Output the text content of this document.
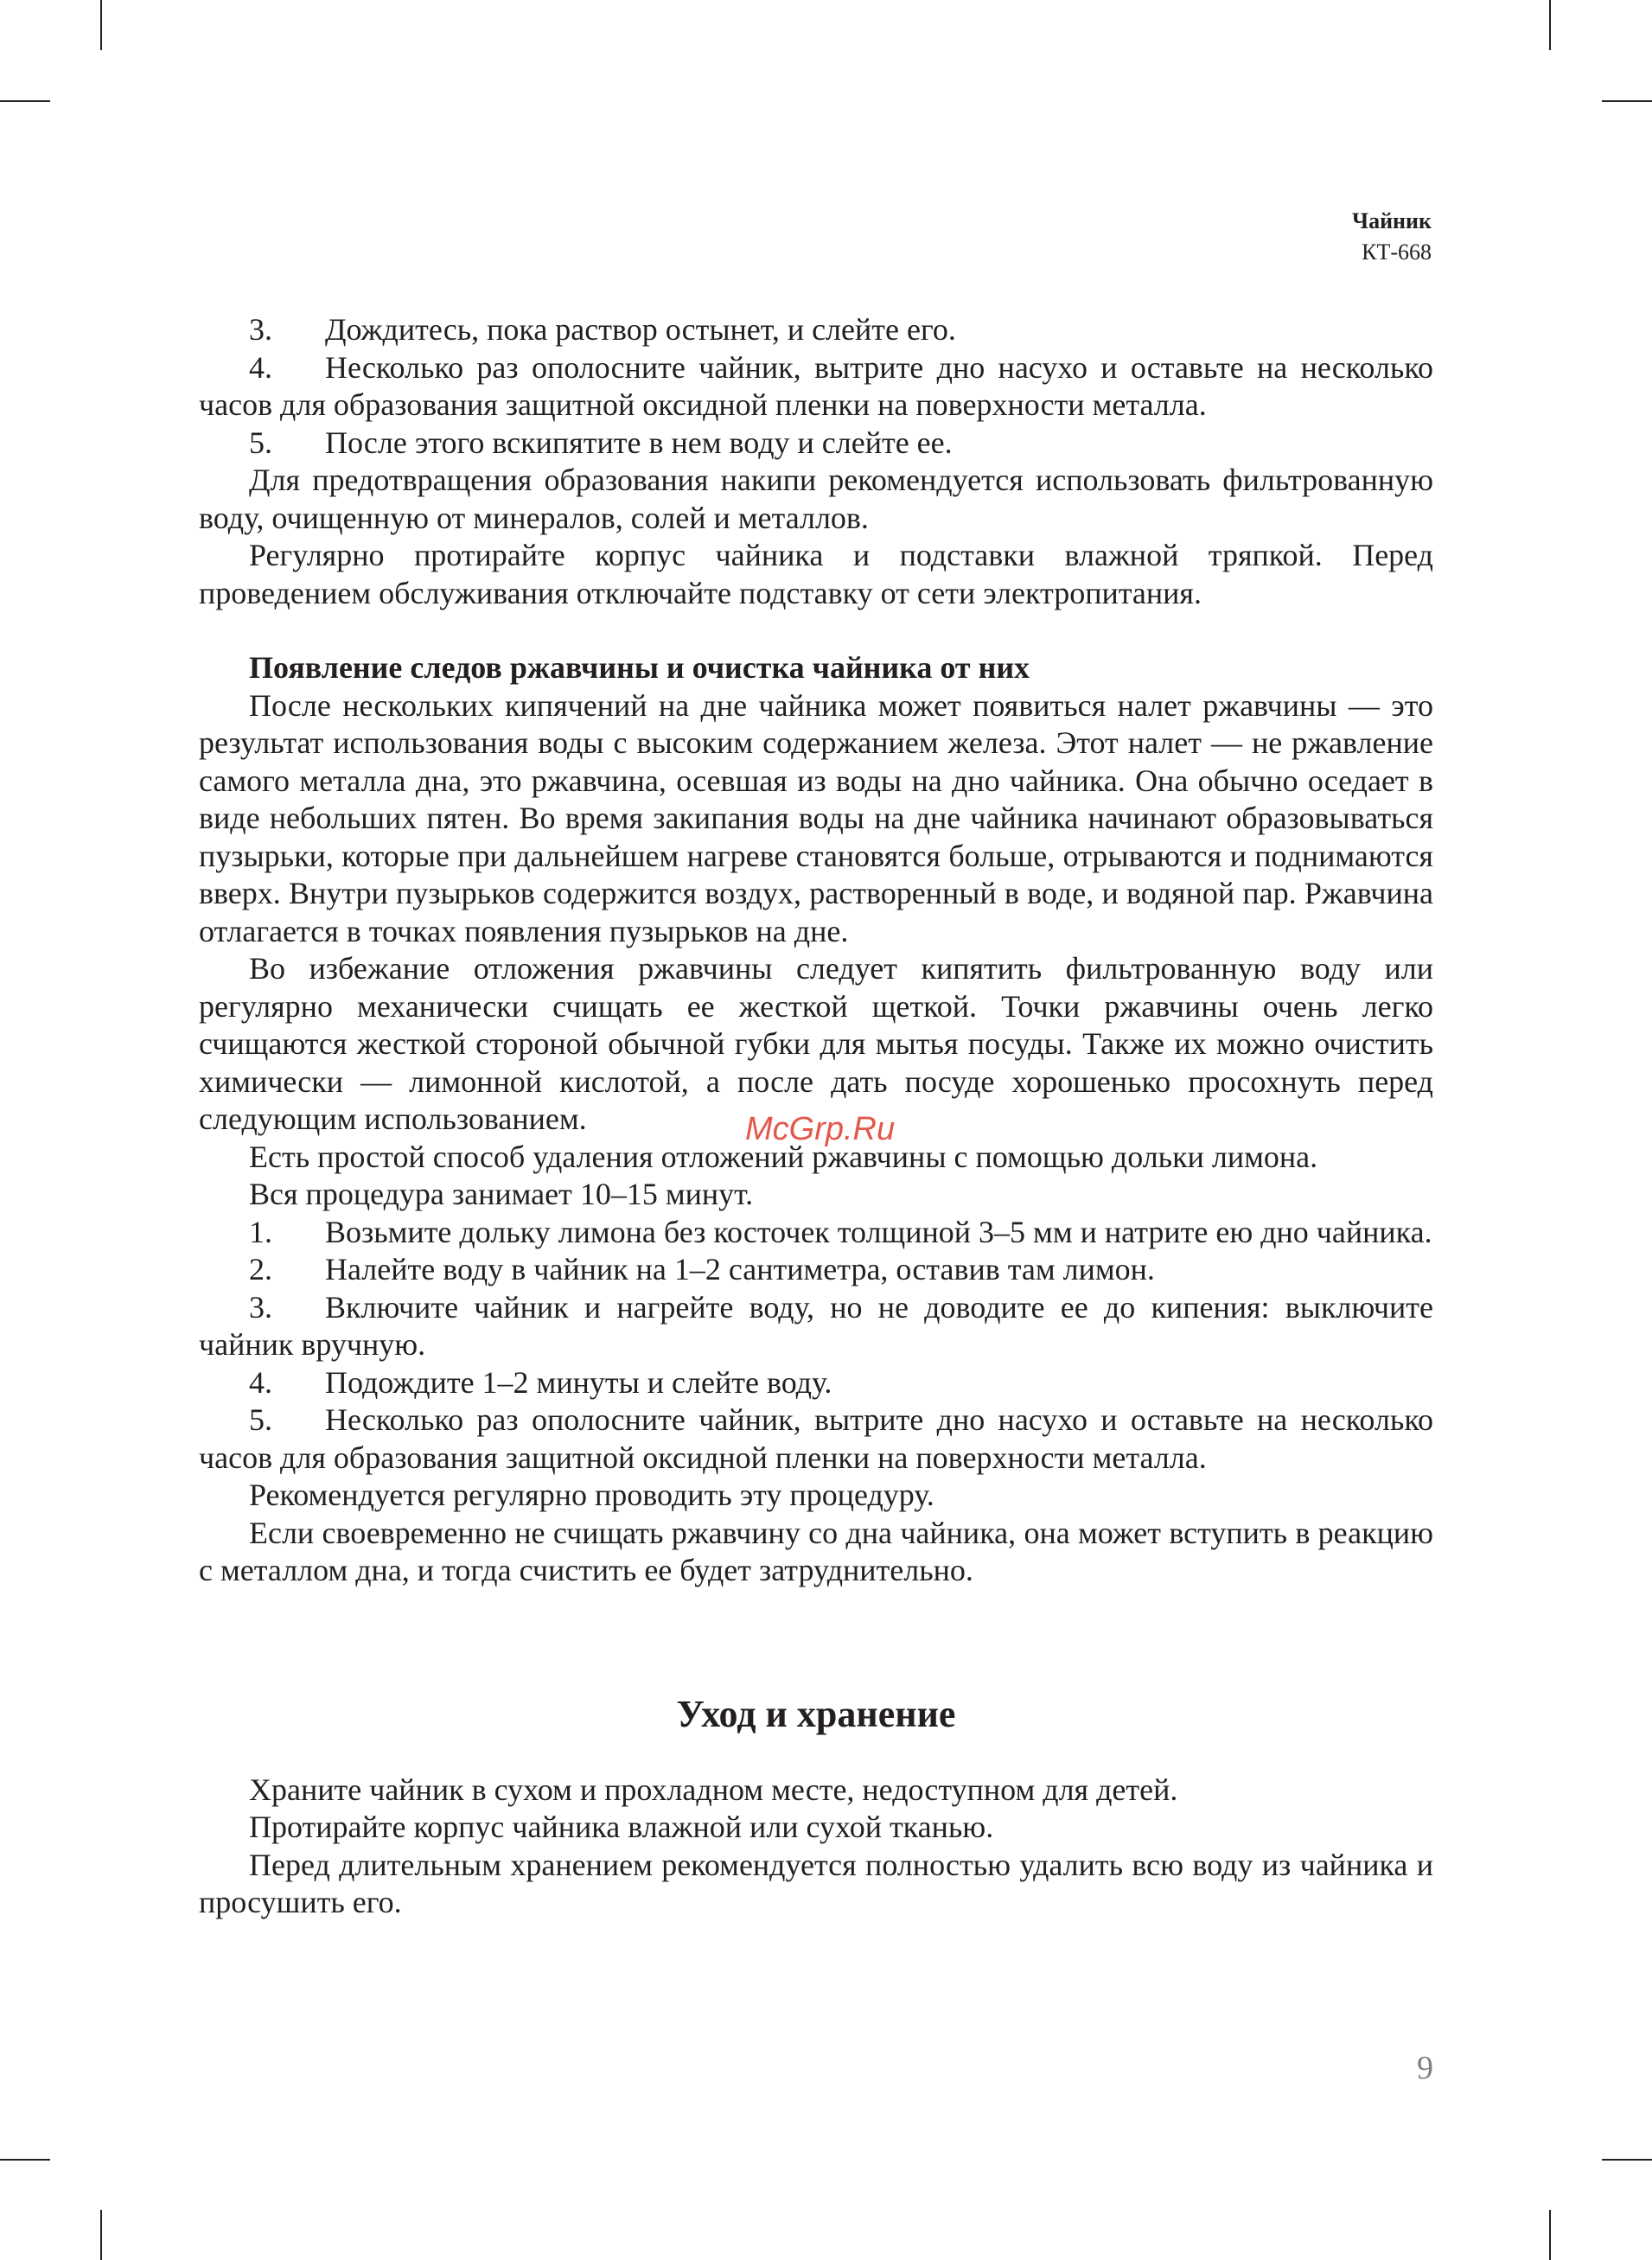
Чайник
КТ-668

3. Дождитесь, пока раствор остынет, и слейте его.

4. Несколько раз ополосните чайник, вытрите дно насухо и оставьте на несколько часов для образования защитной оксидной пленки на поверхности металла.

5. После этого вскипятите в нем воду и слейте ее.

Для предотвращения образования накипи рекомендуется использовать фильтрованную воду, очищенную от минералов, солей и металлов.

Регулярно протирайте корпус чайника и подставки влажной тряпкой. Перед проведением обслуживания отключайте подставку от сети электропитания.

Появление следов ржавчины и очистка чайника от них

После нескольких кипячений на дне чайника может появиться налет ржавчины — это результат использования воды с высоким содержанием железа. Этот налет — не ржавление самого металла дна, это ржавчина, осевшая из воды на дно чайника. Она обычно оседает в виде небольших пятен. Во время закипания воды на дне чайника начинают образовываться пузырьки, которые при дальнейшем нагреве становятся больше, отрываются и поднимаются вверх. Внутри пузырьков содержится воздух, растворенный в воде, и водяной пар. Ржавчина отлагается в точках появления пузырьков на дне.

Во избежание отложения ржавчины следует кипятить фильтрованную воду или регулярно механически счищать ее жесткой щеткой. Точки ржавчины очень легко счищаются жесткой стороной обычной губки для мытья посуды. Также их можно очистить химически — лимонной кислотой, а после дать посуде хорошенько просохнуть перед следующим использованием.

Есть простой способ удаления отложений ржавчины с помощью дольки лимона.

Вся процедура занимает 10–15 минут.

1. Возьмите дольку лимона без косточек толщиной 3–5 мм и натрите ею дно чайника.

2. Налейте воду в чайник на 1–2 сантиметра, оставив там лимон.

3. Включите чайник и нагрейте воду, но не доводите ее до кипения: выключите чайник вручную.

4. Подождите 1–2 минуты и слейте воду.

5. Несколько раз ополосните чайник, вытрите дно насухо и оставьте на несколько часов для образования защитной оксидной пленки на поверхности металла.

Рекомендуется регулярно проводить эту процедуру.

Если своевременно не счищать ржавчину со дна чайника, она может вступить в реакцию с металлом дна, и тогда счистить ее будет затруднительно.

Уход и хранение

Храните чайник в сухом и прохладном месте, недоступном для детей.

Протирайте корпус чайника влажной или сухой тканью.

Перед длительным хранением рекомендуется полностью удалить всю воду из чайника и просушить его.

McGrp.Ru
9
